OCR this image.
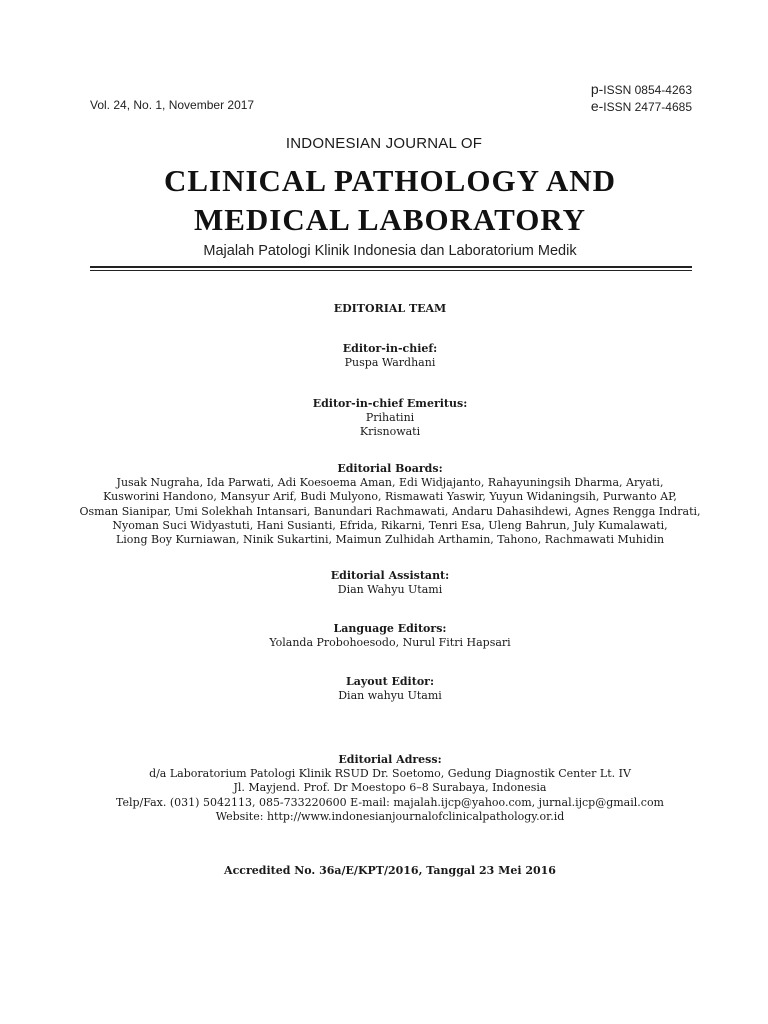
p-ISSN 0854-4263
e-ISSN 2477-4685
Vol. 24, No. 1, November 2017
INDONESIAN JOURNAL OF
CLINICAL PATHOLOGY AND
MEDICAL LABORATORY
Majalah Patologi Klinik Indonesia dan Laboratorium Medik
EDITORIAL TEAM
Editor-in-chief:
Puspa Wardhani
Editor-in-chief Emeritus:
Prihatini
Krisnowati
Editorial Boards:
Jusak Nugraha, Ida Parwati, Adi Koesoema Aman, Edi Widjajanto, Rahayuningsih Dharma, Aryati,
Kusworini Handono, Mansyur Arif, Budi Mulyono, Rismawati Yaswir, Yuyun Widaningsih, Purwanto AP,
Osman Sianipar, Umi Solekhah Intansari, Banundari Rachmawati, Andaru Dahasihdewi, Agnes Rengga Indrati,
Nyoman Suci Widyastuti, Hani Susianti, Efrida, Rikarni, Tenri Esa, Uleng Bahrun, July Kumalawati,
Liong Boy Kurniawan, Ninik Sukartini, Maimun Zulhidah Arthamin, Tahono, Rachmawati Muhidin
Editorial Assistant:
Dian Wahyu Utami
Language Editors:
Yolanda Probohoesodo, Nurul Fitri Hapsari
Layout Editor:
Dian wahyu Utami
Editorial Adress:
d/a Laboratorium Patologi Klinik RSUD Dr. Soetomo, Gedung Diagnostik Center Lt. IV
Jl. Mayjend. Prof. Dr Moestopo 6–8 Surabaya, Indonesia
Telp/Fax. (031) 5042113, 085-733220600 E-mail: majalah.ijcp@yahoo.com, jurnal.ijcp@gmail.com
Website: http://www.indonesianjournalofclinicalpathology.or.id
Accredited No. 36a/E/KPT/2016, Tanggal 23 Mei 2016
